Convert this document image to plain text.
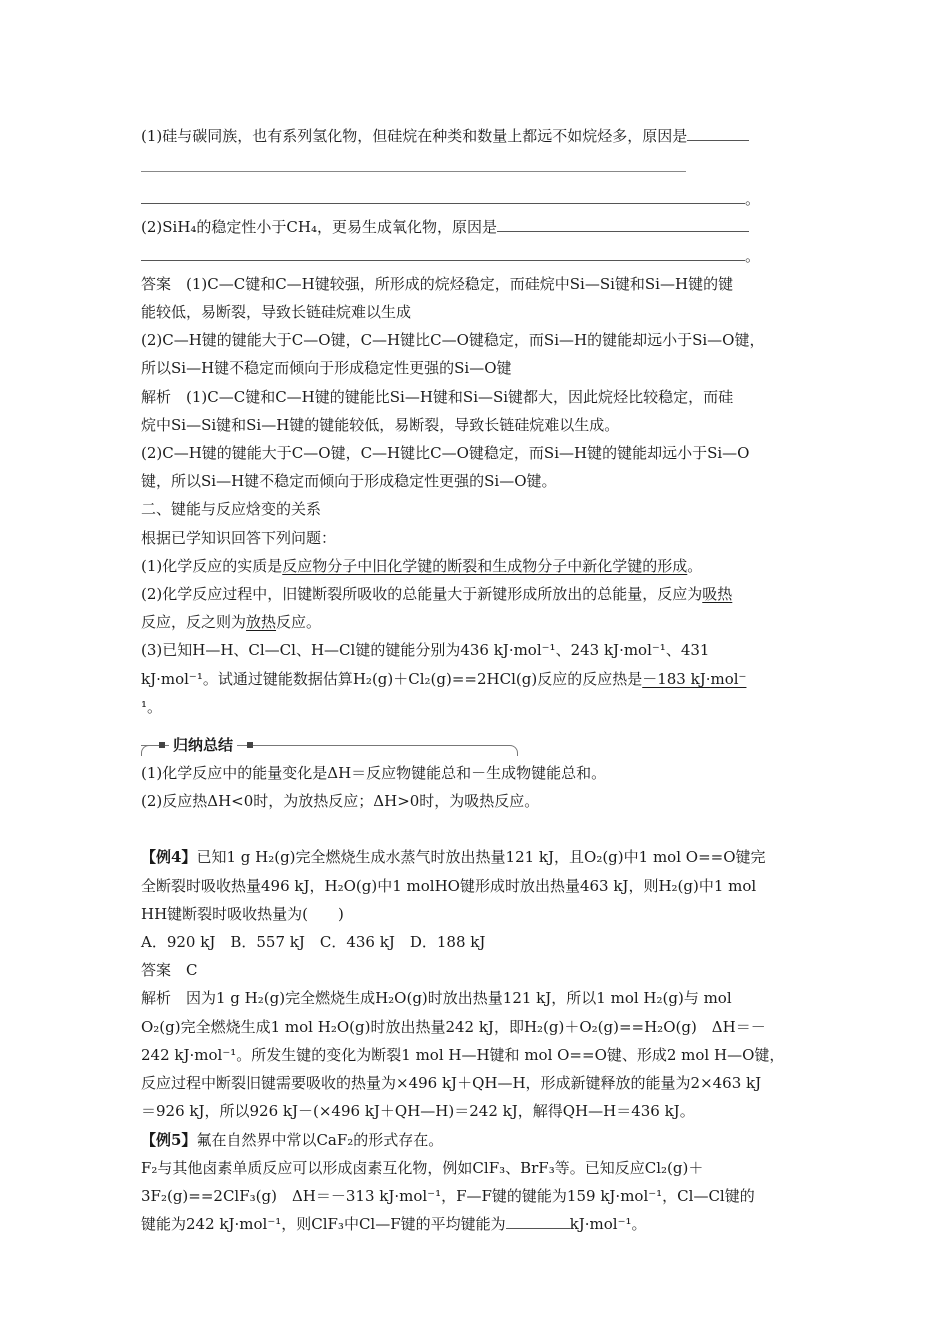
(1)硅与碳同族，也有系列氢化物，但硅烷在种类和数量上都远不如烷烃多，原因是
。
(2)SiH₄的稳定性小于CH₄，更易生成氧化物，原因是
。
答案　(1)C—C键和C—H键较强，所形成的烷烃稳定，而硅烷中Si—Si键和Si—H键的键
能较低，易断裂，导致长链硅烷难以生成
(2)C—H键的键能大于C—O键，C—H键比C—O键稳定，而Si—H的键能却远小于Si—O键，
所以Si—H键不稳定而倾向于形成稳定性更强的Si—O键
解析　(1)C—C键和C—H键的键能比Si—H键和Si—Si键都大，因此烷烃比较稳定，而硅
烷中Si—Si键和Si—H键的键能较低，易断裂，导致长链硅烷难以生成。
(2)C—H键的键能大于C—O键，C—H键比C—O键稳定，而Si—H键的键能却远小于Si—O
键，所以Si—H键不稳定而倾向于形成稳定性更强的Si—O键。
二、键能与反应焓变的关系
根据已学知识回答下列问题：
(1)化学反应的实质是反应物分子中旧化学键的断裂和生成物分子中新化学键的形成。
(2)化学反应过程中，旧键断裂所吸收的总能量大于新键形成所放出的总能量，反应为吸热
反应，反之则为放热反应。
(3)已知H—H、Cl—Cl、H—Cl键的键能分别为436 kJ·mol⁻¹、243 kJ·mol⁻¹、431
kJ·mol⁻¹。试通过键能数据估算H₂(g)＋Cl₂(g)==2HCl(g)反应的反应热是－183 kJ·mol⁻
¹。
归纳总结
(1)化学反应中的能量变化是ΔH＝反应物键能总和－生成物键能总和。
(2)反应热ΔH<0时，为放热反应；ΔH>0时，为吸热反应。
【例4】已知1 g H₂(g)完全燃烧生成水蒸气时放出热量121 kJ，且O₂(g)中1 mol O==O键完
全断裂时吸收热量496 kJ，H₂O(g)中1 molHO键形成时放出热量463 kJ，则H₂(g)中1 mol
HH键断裂时吸收热量为(　　)
A．920 kJ　B．557 kJ　C．436 kJ　D．188 kJ
答案　C
解析　因为1 g H₂(g)完全燃烧生成H₂O(g)时放出热量121 kJ，所以1 mol H₂(g)与 mol
O₂(g)完全燃烧生成1 mol H₂O(g)时放出热量242 kJ，即H₂(g)＋O₂(g)==H₂O(g)　ΔH＝－
242 kJ·mol⁻¹。所发生键的变化为断裂1 mol H—H键和 mol O==O键、形成2 mol H—O键，
反应过程中断裂旧键需要吸收的热量为×496 kJ＋QH—H，形成新键释放的能量为2×463 kJ
＝926 kJ，所以926 kJ－(×496 kJ＋QH—H)＝242 kJ，解得QH—H＝436 kJ。
【例5】氟在自然界中常以CaF₂的形式存在。
F₂与其他卤素单质反应可以形成卤素互化物，例如ClF₃、BrF₃等。已知反应Cl₂(g)＋
3F₂(g)==2ClF₃(g)　ΔH＝－313 kJ·mol⁻¹，F—F键的键能为159 kJ·mol⁻¹，Cl—Cl键的
键能为242 kJ·mol⁻¹，则ClF₃中Cl—F键的平均键能为	kJ·mol⁻¹。
